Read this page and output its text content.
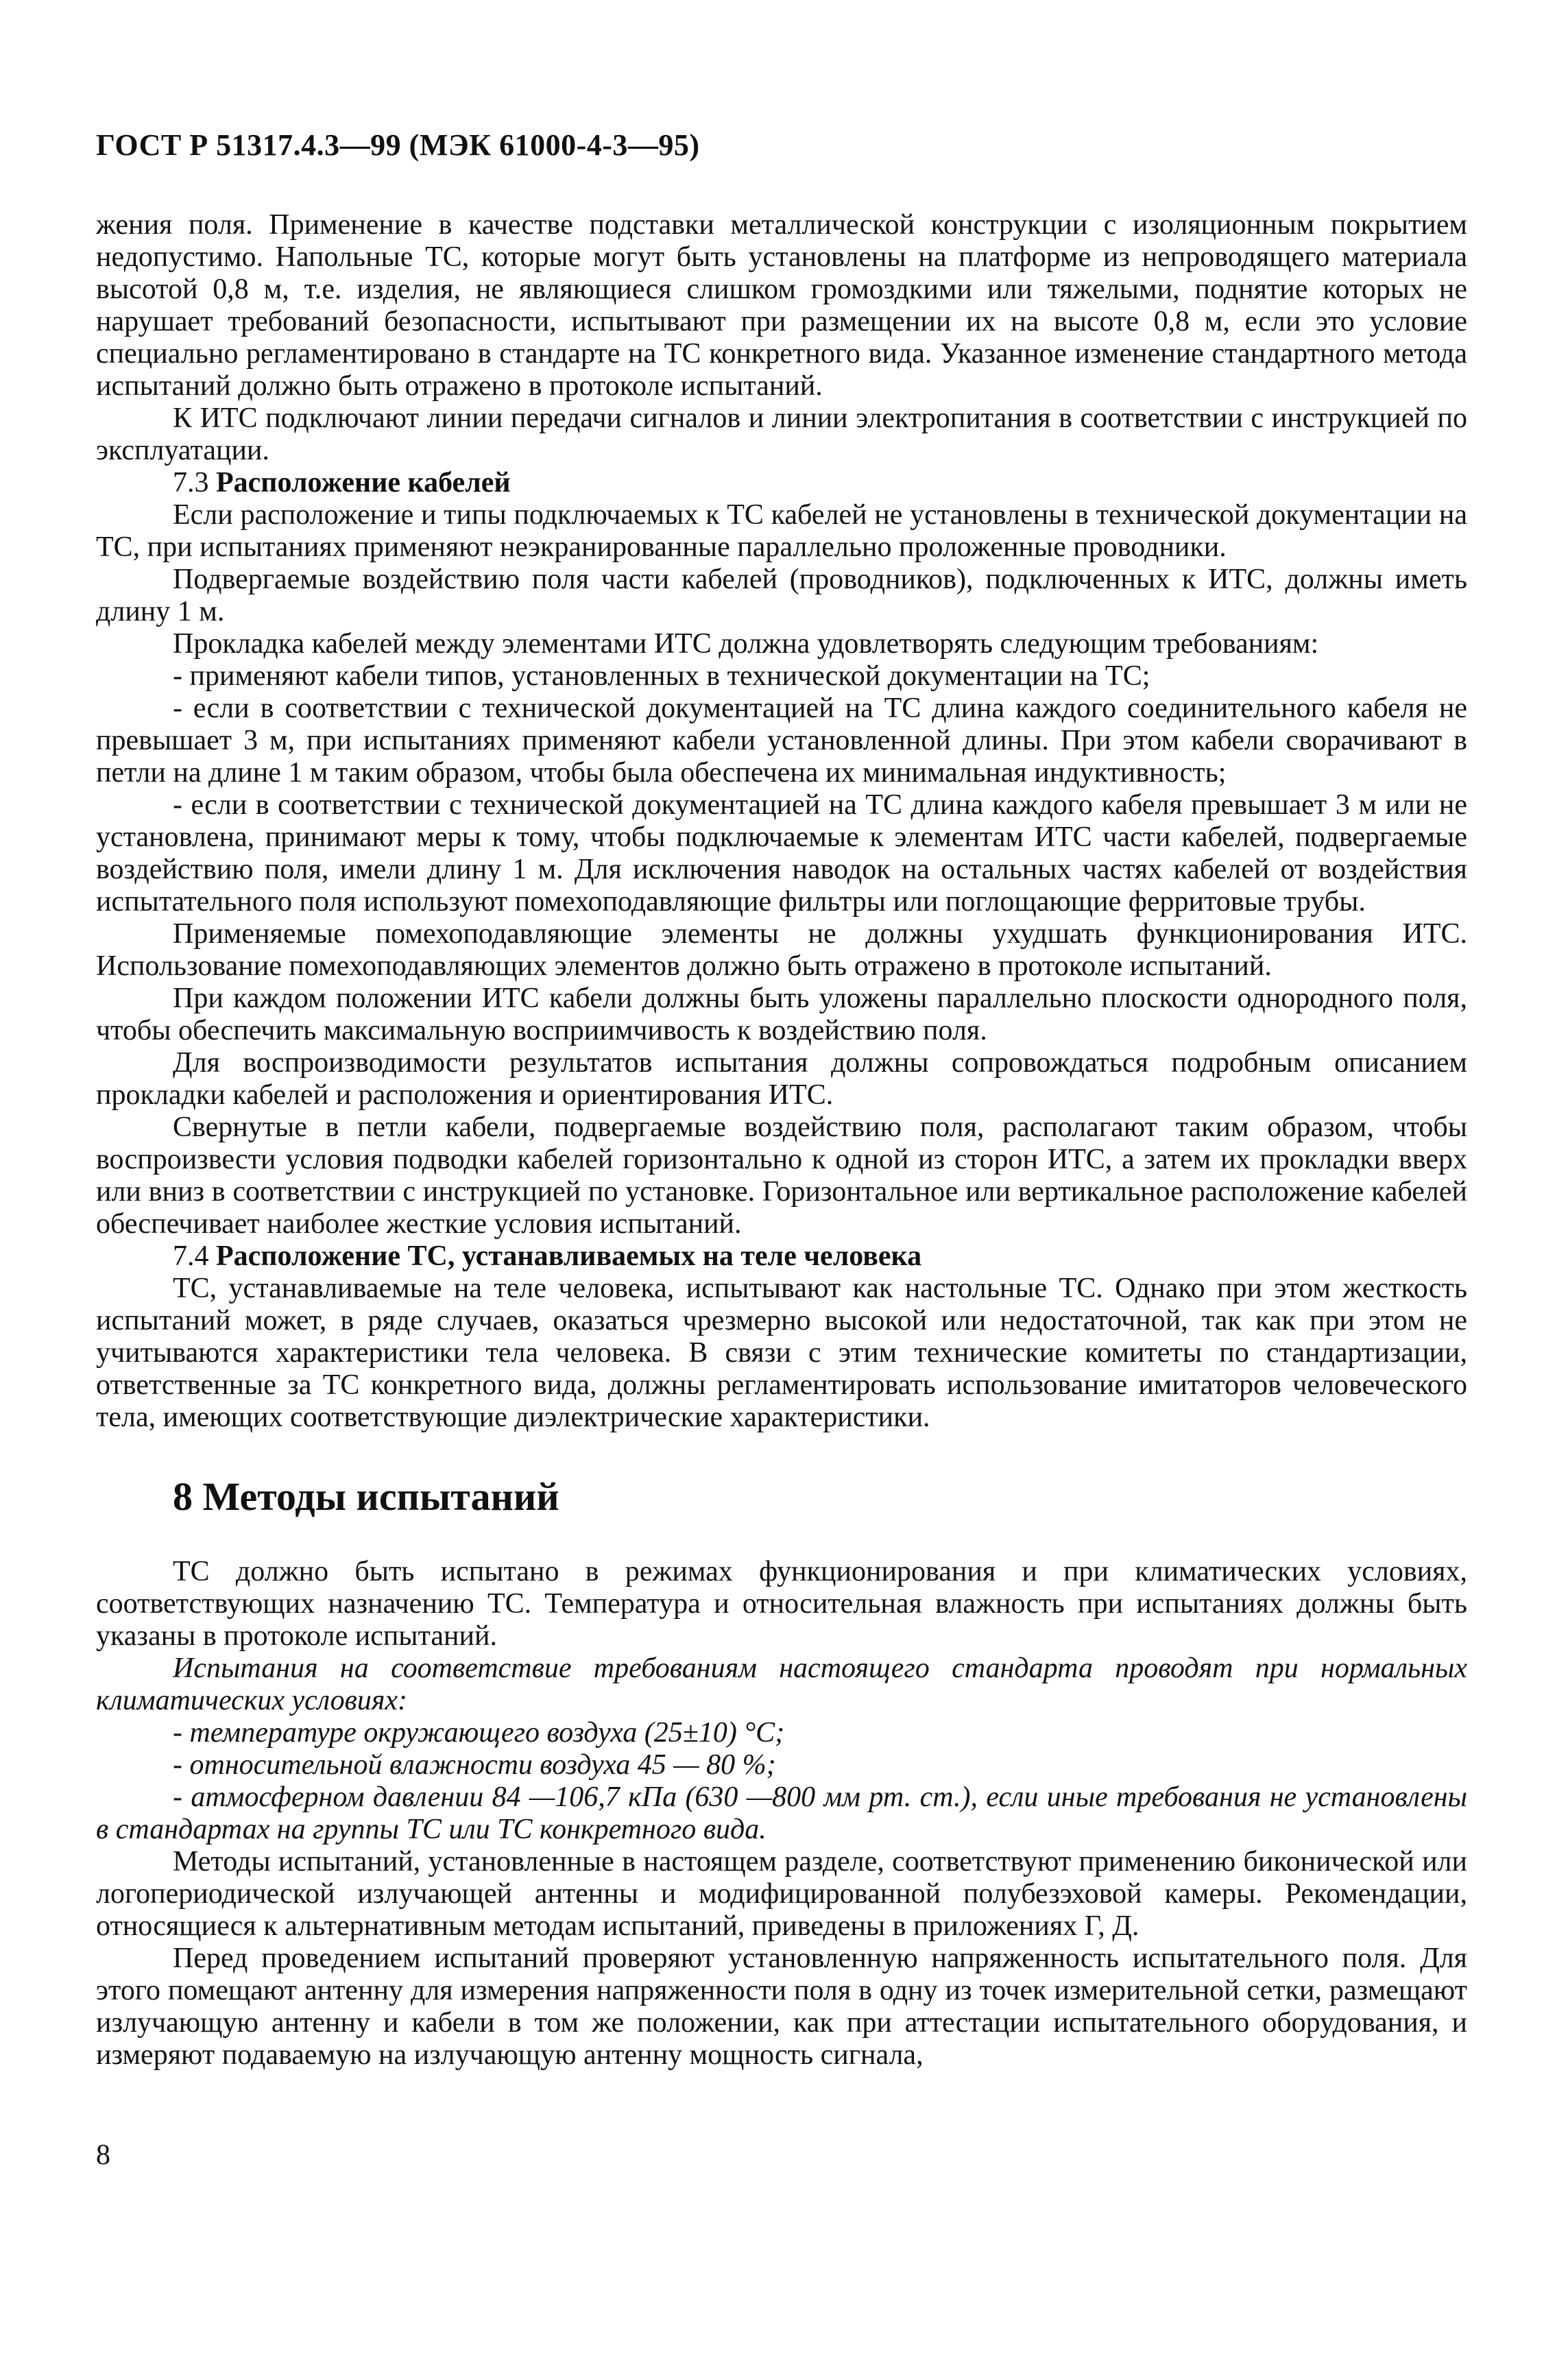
ГОСТ Р 51317.4.3—99 (МЭК 61000-4-3—95)

жения поля. Применение в качестве подставки металлической конструкции с изоляционным покрытием недопустимо. Напольные ТС, которые могут быть установлены на платформе из непроводящего материала высотой 0,8 м, т.е. изделия, не являющиеся слишком громоздкими или тяжелыми, поднятие которых не нарушает требований безопасности, испытывают при размещении их на высоте 0,8 м, если это условие специально регламентировано в стандарте на ТС конкретного вида. Указанное изменение стандартного метода испытаний должно быть отражено в протоколе испытаний.

К ИТС подключают линии передачи сигналов и линии электропитания в соответствии с инструкцией по эксплуатации.

7.3 Расположение кабелей

Если расположение и типы подключаемых к ТС кабелей не установлены в технической документации на ТС, при испытаниях применяют неэкранированные параллельно проложенные проводники.

Подвергаемые воздействию поля части кабелей (проводников), подключенных к ИТС, должны иметь длину 1 м.

Прокладка кабелей между элементами ИТС должна удовлетворять следующим требованиям:

- применяют кабели типов, установленных в технической документации на ТС;

- если в соответствии с технической документацией на ТС длина каждого соединительного кабеля не превышает 3 м, при испытаниях применяют кабели установленной длины. При этом кабели сворачивают в петли на длине 1 м таким образом, чтобы была обеспечена их минимальная индуктивность;

- если в соответствии с технической документацией на ТС длина каждого кабеля превышает 3 м или не установлена, принимают меры к тому, чтобы подключаемые к элементам ИТС части кабелей, подвергаемые воздействию поля, имели длину 1 м. Для исключения наводок на остальных частях кабелей от воздействия испытательного поля используют помехоподавляющие фильтры или поглощающие ферритовые трубы.

Применяемые помехоподавляющие элементы не должны ухудшать функционирования ИТС. Использование помехоподавляющих элементов должно быть отражено в протоколе испытаний.

При каждом положении ИТС кабели должны быть уложены параллельно плоскости однородного поля, чтобы обеспечить максимальную восприимчивость к воздействию поля.

Для воспроизводимости результатов испытания должны сопровождаться подробным описанием прокладки кабелей и расположения и ориентирования ИТС.

Свернутые в петли кабели, подвергаемые воздействию поля, располагают таким образом, чтобы воспроизвести условия подводки кабелей горизонтально к одной из сторон ИТС, а затем их прокладки вверх или вниз в соответствии с инструкцией по установке. Горизонтальное или вертикальное расположение кабелей обеспечивает наиболее жесткие условия испытаний.

7.4 Расположение ТС, устанавливаемых на теле человека

ТС, устанавливаемые на теле человека, испытывают как настольные ТС. Однако при этом жесткость испытаний может, в ряде случаев, оказаться чрезмерно высокой или недостаточной, так как при этом не учитываются характеристики тела человека. В связи с этим технические комитеты по стандартизации, ответственные за ТС конкретного вида, должны регламентировать использование имитаторов человеческого тела, имеющих соответствующие диэлектрические характеристики.

8 Методы испытаний

ТС должно быть испытано в режимах функционирования и при климатических условиях, соответствующих назначению ТС. Температура и относительная влажность при испытаниях должны быть указаны в протоколе испытаний.

Испытания на соответствие требованиям настоящего стандарта проводят при нормальных климатических условиях:

- температуре окружающего воздуха (25±10) °С;

- относительной влажности воздуха 45 — 80 %;

- атмосферном давлении 84 —106,7 кПа (630 —800 мм рт. ст.), если иные требования не установлены в стандартах на группы ТС или ТС конкретного вида.

Методы испытаний, установленные в настоящем разделе, соответствуют применению биконической или логопериодической излучающей антенны и модифицированной полубезэховой камеры. Рекомендации, относящиеся к альтернативным методам испытаний, приведены в приложениях Г, Д.

Перед проведением испытаний проверяют установленную напряженность испытательного поля. Для этого помещают антенну для измерения напряженности поля в одну из точек измерительной сетки, размещают излучающую антенну и кабели в том же положении, как при аттестации испытательного оборудования, и измеряют подаваемую на излучающую антенну мощность сигнала,

8
